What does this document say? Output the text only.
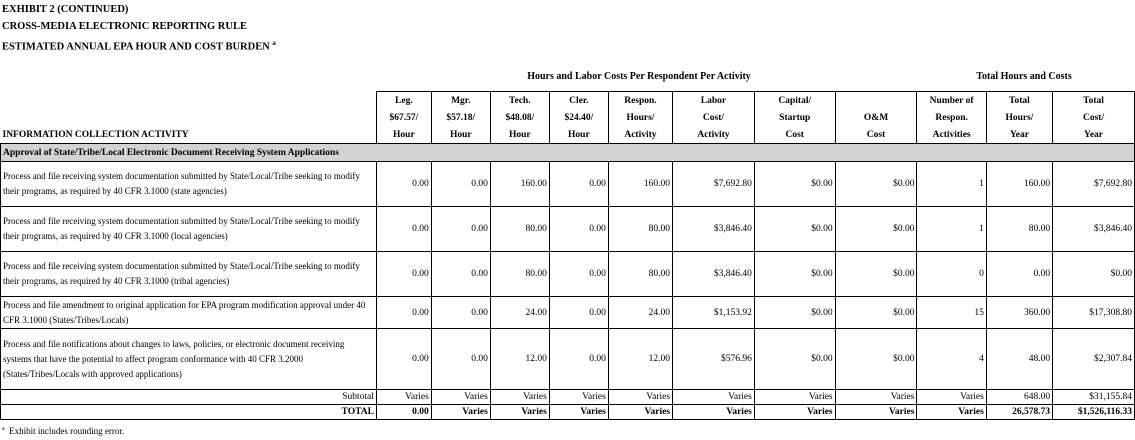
EXHIBIT 2 (CONTINUED)
CROSS-MEDIA ELECTRONIC REPORTING RULE
ESTIMATED ANNUAL EPA HOUR AND COST BURDEN $^a$
Hours and Labor Costs Per Respondent Per Activity	Total Hours and Costs
	Leg.	Mgr.	Tech.	Cler.	Respon.	Labor	Capital/		Number of	Total	Total
	$67.57/	$57.18/	$48.08/	$24.40/	Hours/	Cost/	Startup	O&M	Respon.	Hours/	Cost/
INFORMATION COLLECTION ACTIVITY	Hour	Hour	Hour	Hour	Activity	Activity	Cost	Cost	Activities	Year	Year
Approval of State/Tribe/Local Electronic Document Receiving System Applications											
Process and file receiving system documentation submitted by State/Local/Tribe seeking to modify their programs, as required by 40 CFR 3.1000 (state agencies)	0.00	0.00	160.00	0.00	160.00	$7,692.80	$0.00	$0.00	1	160.00	$7,692.80
Process and file receiving system documentation submitted by State/Local/Tribe seeking to modify their programs, as required by 40 CFR 3.1000 (local agencies)	0.00	0.00	80.00	0.00	80.00	$3,846.40	$0.00	$0.00	1	80.00	$3,846.40
Process and file receiving system documentation submitted by State/Local/Tribe seeking to modify their programs, as required by 40 CFR 3.1000 (tribal agencies)	0.00	0.00	80.00	0.00	80.00	$3,846.40	$0.00	$0.00	0	0.00	$0.00
Process and file amendment to original application for EPA program modification approval under 40 CFR 3.1000 (States/Tribes/Locals)	0.00	0.00	24.00	0.00	24.00	$1,153.92	$0.00	$0.00	15	360.00	$17,308.80
Process and file notifications about changes to laws, policies, or electronic document receiving systems that have the potential to affect program conformance with 40 CFR 3.2000 (States/Tribes/Locals with approved applications)	0.00	0.00	12.00	0.00	12.00	$576.96	$0.00	$0.00	4	48.00	$2,307.84
Subtotal	Varies	Varies	Varies	Varies	Varies	Varies	Varies	Varies	Varies	648.00	$31,155.84
TOTAL	0.00	Varies	Varies	Varies	Varies	Varies	Varies	Varies	Varies	26,578.73	$1,526,116.33
$^a$ Exhibit includes rounding error.
